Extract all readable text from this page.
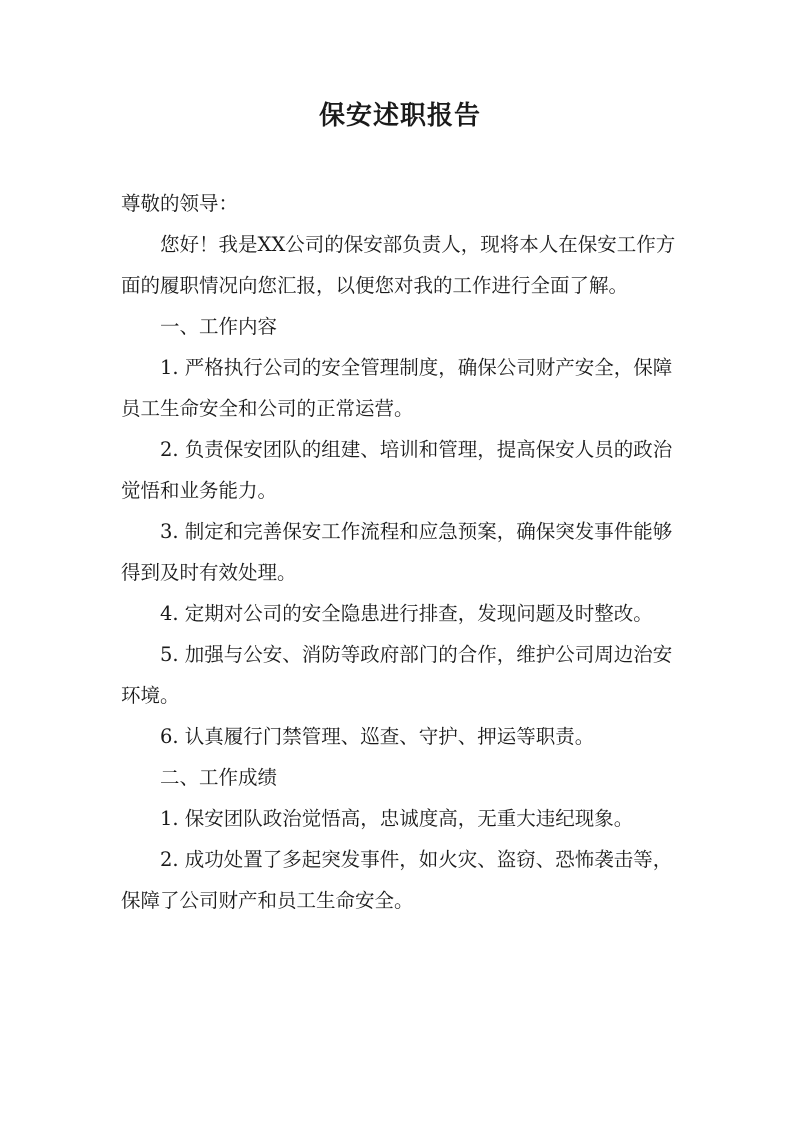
保安述职报告

尊敬的领导：

您好！我是XX公司的保安部负责人，现将本人在保安工作方面的履职情况向您汇报，以便您对我的工作进行全面了解。

一、工作内容

1. 严格执行公司的安全管理制度，确保公司财产安全，保障员工生命安全和公司的正常运营。

2. 负责保安团队的组建、培训和管理，提高保安人员的政治觉悟和业务能力。

3. 制定和完善保安工作流程和应急预案，确保突发事件能够得到及时有效处理。

4. 定期对公司的安全隐患进行排查，发现问题及时整改。

5. 加强与公安、消防等政府部门的合作，维护公司周边治安环境。

6. 认真履行门禁管理、巡查、守护、押运等职责。

二、工作成绩

1. 保安团队政治觉悟高，忠诚度高，无重大违纪现象。

2. 成功处置了多起突发事件，如火灾、盗窃、恐怖袭击等，保障了公司财产和员工生命安全。
